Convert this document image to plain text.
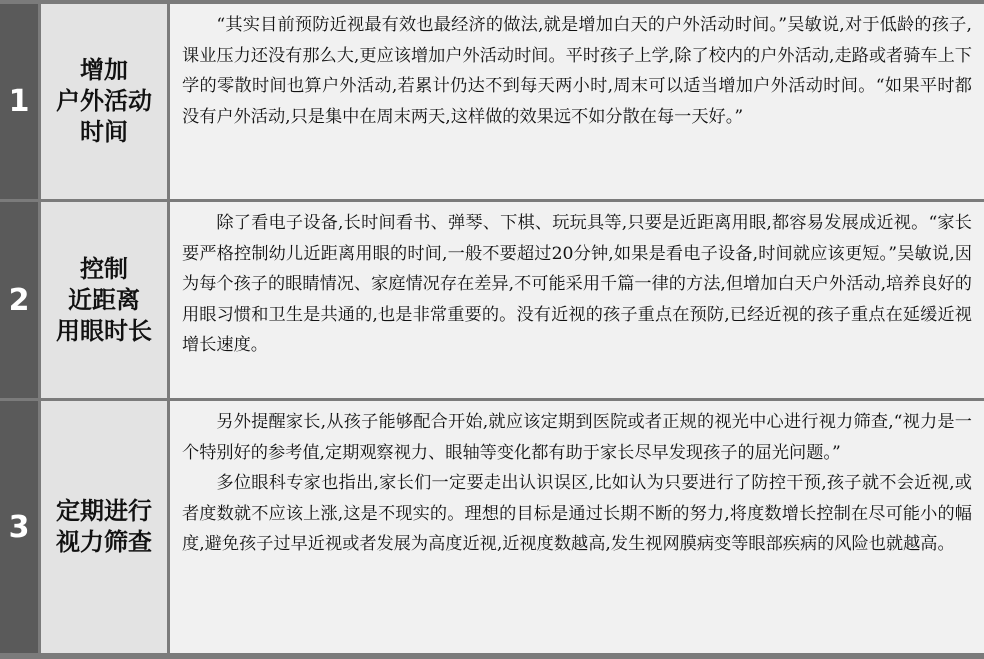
1
增加
户外活动
时间

“其实目前预防近视最有效也最经济的做法,就是增加白天的户外活动时间。”吴敏说,对于低龄的孩子,课业压力还没有那么大,更应该增加户外活动时间。平时孩子上学,除了校内的户外活动,走路或者骑车上下学的零散时间也算户外活动,若累计仍达不到每天两小时,周末可以适当增加户外活动时间。“如果平时都没有户外活动,只是集中在周末两天,这样做的效果远不如分散在每一天好。”

2
控制
近距离
用眼时长

除了看电子设备,长时间看书、弹琴、下棋、玩玩具等,只要是近距离用眼,都容易发展成近视。“家长要严格控制幼儿近距离用眼的时间,一般不要超过20分钟,如果是看电子设备,时间就应该更短。”吴敏说,因为每个孩子的眼睛情况、家庭情况存在差异,不可能采用千篇一律的方法,但增加白天户外活动,培养良好的用眼习惯和卫生是共通的,也是非常重要的。没有近视的孩子重点在预防,已经近视的孩子重点在延缓近视增长速度。

3	定期进行
视力筛查

另外提醒家长,从孩子能够配合开始,就应该定期到医院或者正规的视光中心进行视力筛查,“视力是一个特别好的参考值,定期观察视力、眼轴等变化都有助于家长尽早发现孩子的屈光问题。”

多位眼科专家也指出,家长们一定要走出认识误区,比如认为只要进行了防控干预,孩子就不会近视,或者度数就不应该上涨,这是不现实的。理想的目标是通过长期不断的努力,将度数增长控制在尽可能小的幅度,避免孩子过早近视或者发展为高度近视,近视度数越高,发生视网膜病变等眼部疾病的风险也就越高。
